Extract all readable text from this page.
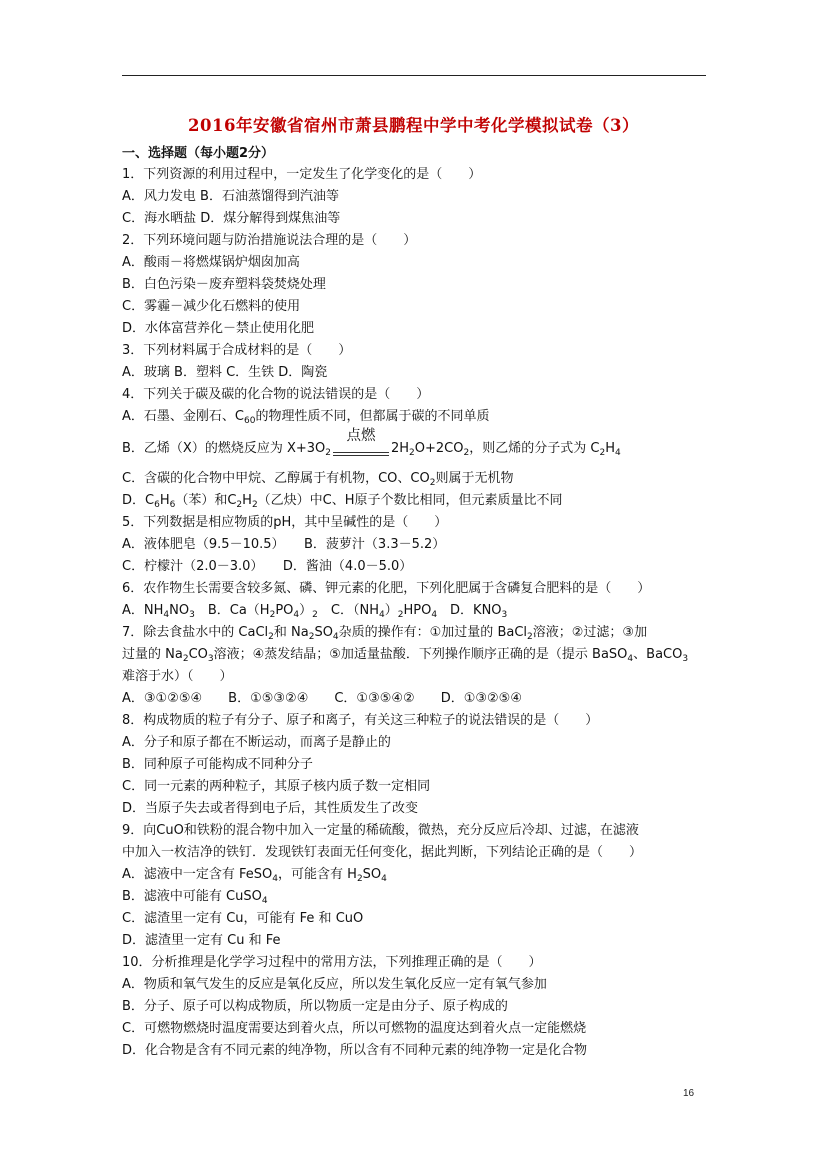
2016年安徽省宿州市萧县鹏程中学中考化学模拟试卷（3）
一、选择题（每小题2分）
1．下列资源的利用过程中，一定发生了化学变化的是（　　）
A．风力发电 B．石油蒸馏得到汽油等
C．海水晒盐 D．煤分解得到煤焦油等
2．下列环境问题与防治措施说法合理的是（　　）
A．酸雨－将燃煤锅炉烟囱加高
B．白色污染－废弃塑料袋焚烧处理
C．雾霾－减少化石燃料的使用
D．水体富营养化－禁止使用化肥
3．下列材料属于合成材料的是（　　）
A．玻璃 B．塑料 C．生铁 D．陶瓷
4．下列关于碳及碳的化合物的说法错误的是（　　）
A．石墨、金刚石、$C_{60}$的物理性质不同，但都属于碳的不同单质
B．乙烯（X）的燃烧反应为 $X+3O_2$
点燃
$2H_2O+2CO_2$，则乙烯的分子式为 $C_2H_4$
C．含碳的化合物中甲烷、乙醇属于有机物，CO、$CO_2$则属于无机物
D．$C_6H_6$（苯）和$C_2H_2$（乙炔）中C、H原子个数比相同，但元素质量比不同
5．下列数据是相应物质的pH，其中呈碱性的是（　　）
A．液体肥皂（9.5－10.5）　　B．菠萝汁（3.3－5.2）
C．柠檬汁（2.0－3.0）　　D．酱油（4.0－5.0）
6．农作物生长需要含较多氮、磷、钾元素的化肥，下列化肥属于含磷复合肥料的是（　　）
A．$NH_4NO_3$　B．$Ca(H_2PO_4)_2$　C．$(NH_4)_2HPO_4$　D．$KNO_3$
7．除去食盐水中的 CaCl$_2$和 $Na_2SO_4$杂质的操作有：①加过量的 BaCl$_2$溶液；②过滤；③加
过量的 $Na_2CO_3$溶液；④蒸发结晶；⑤加适量盐酸．下列操作顺序正确的是（提示 BaSO$_4$、BaCO$_3$
难溶于水）（　　）
A．③①②⑤④　　B．①⑤③②④　　C．①③⑤④②　　D．①③②⑤④
8．构成物质的粒子有分子、原子和离子，有关这三种粒子的说法错误的是（　　）
A．分子和原子都在不断运动，而离子是静止的
B．同种原子可能构成不同种分子
C．同一元素的两种粒子，其原子核内质子数一定相同
D．当原子失去或者得到电子后，其性质发生了改变
9．向CuO和铁粉的混合物中加入一定量的稀硫酸，微热，充分反应后冷却、过滤，在滤液
中加入一枚洁净的铁钉．发现铁钉表面无任何变化，据此判断，下列结论正确的是（　　）
A．滤液中一定含有 FeSO$_4$，可能含有 $H_2SO_4$
B．滤液中可能有 CuSO$_4$
C．滤渣里一定有 Cu，可能有 Fe 和 CuO
D．滤渣里一定有 Cu 和 Fe
10．分析推理是化学学习过程中的常用方法，下列推理正确的是（　　）
A．物质和氧气发生的反应是氧化反应，所以发生氧化反应一定有氧气参加
B．分子、原子可以构成物质，所以物质一定是由分子、原子构成的
C．可燃物燃烧时温度需要达到着火点，所以可燃物的温度达到着火点一定能燃烧
D．化合物是含有不同元素的纯净物，所以含有不同种元素的纯净物一定是化合物
16
